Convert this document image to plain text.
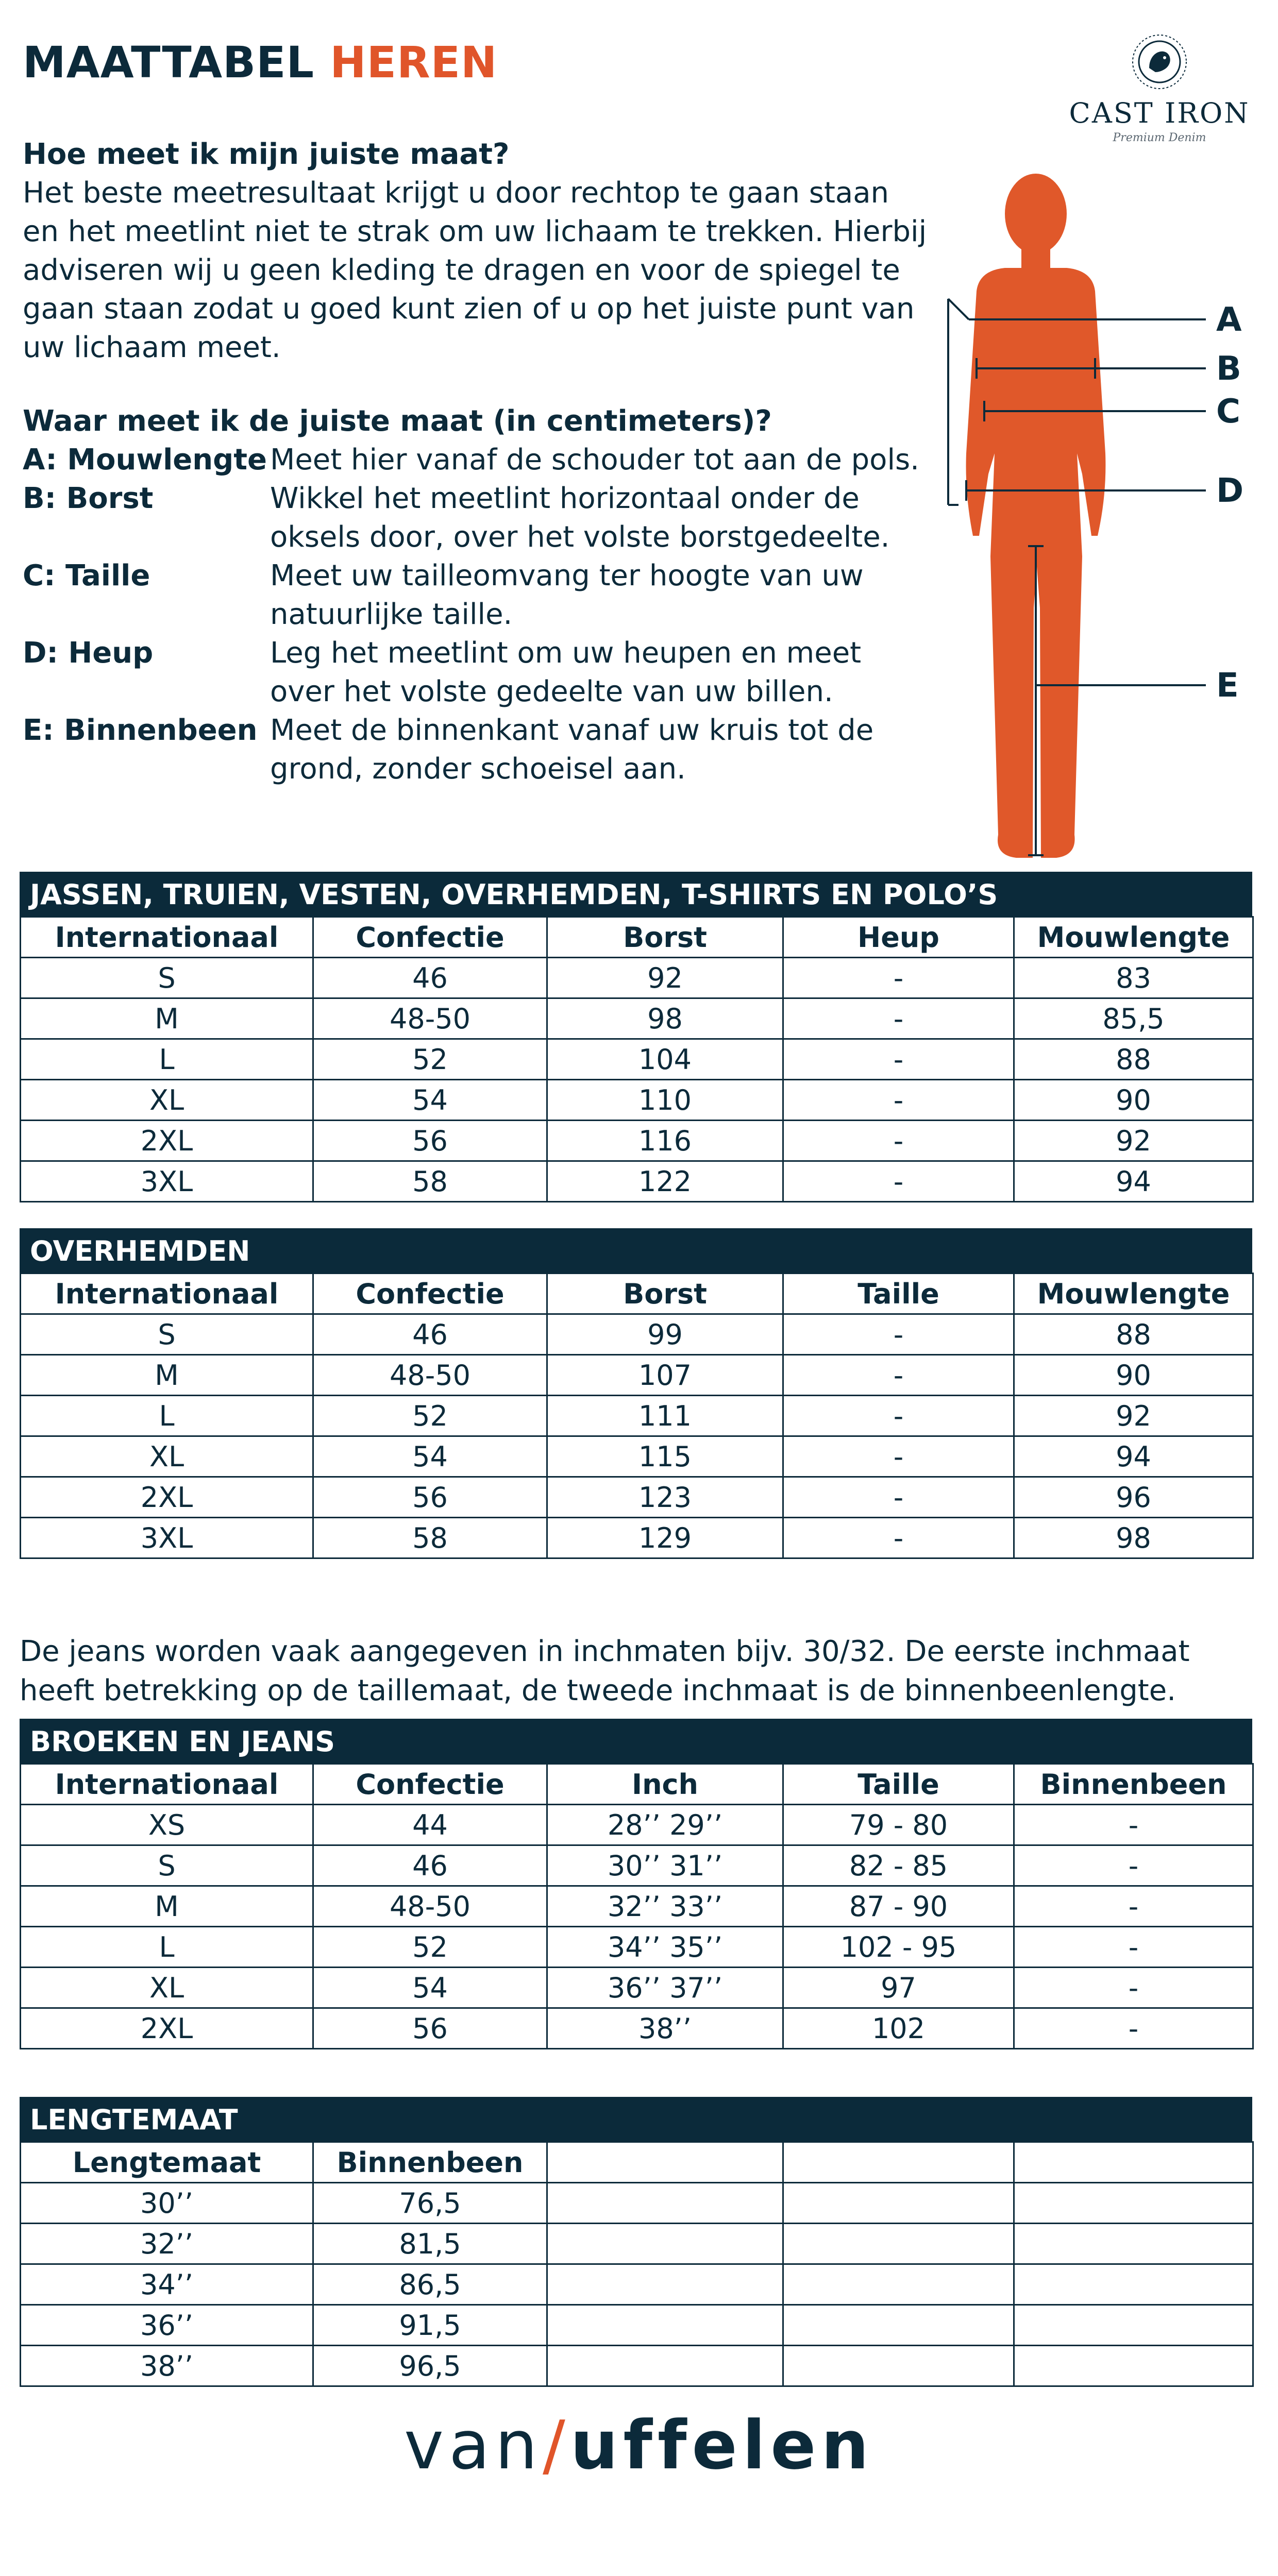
MAATTABEL HEREN
CAST IRON
Premium Denim
Hoe meet ik mijn juiste maat?

Het beste meetresultaat krijgt u door rechtop te gaan staan

en het meetlint niet te strak om uw lichaam te trekken. Hierbij

adviseren wij u geen kleding te dragen en voor de spiegel te

gaan staan zodat u goed kunt zien of u op het juiste punt van

uw lichaam meet.

Waar meet ik de juiste maat (in centimeters)?
A: Mouwlengte Meet hier vanaf de schouder tot aan de pols.
B: Borst	Wikkel het meetlint horizontaal onder de
oksels door, over het volste borstgedeelte.
C: Taille	Meet uw tailleomvang ter hoogte van uw
natuurlijke taille.
D: Heup	Leg het meetlint om uw heupen en meet
over het volste gedeelte van uw billen.
E: Binnenbeen Meet de binnenkant vanaf uw kruis tot de
grond, zonder schoeisel aan.
A
B
C
D
E
JASSEN, TRUIEN, VESTEN, OVERHEMDEN, T-SHIRTS EN POLO’S
Internationaal	Confectie	Borst	Heup	Mouwlengte
S	46	92	-	83
M	48-50	98	-	85,5
L	52	104	-	88
XL	54	110	-	90
2XL	56	116	-	92
3XL	58	122	-	94
OVERHEMDEN
Internationaal	Confectie	Borst	Taille	Mouwlengte
S	46	99	-	88
M	48-50	107	-	90
L	52	111	-	92
XL	54	115	-	94
2XL	56	123	-	96
3XL	58	129	-	98
De jeans worden vaak aangegeven in inchmaten bijv. 30/32. De eerste inchmaat
heeft betrekking op de taillemaat, de tweede inchmaat is de binnenbeenlengte.
BROEKEN EN JEANS
Internationaal	Confectie	Inch	Taille	Binnenbeen
XS	44	28’’ 29’’	79 - 80	-
S	46	30’’ 31’’	82 - 85	-
M	48-50	32’’ 33’’	87 - 90	-
L	52	34’’ 35’’	102 - 95	-
XL	54	36’’ 37’’	97	-
2XL	56	38’’	102	-
LENGTEMAAT
Lengtemaat	Binnenbeen			
30’’	76,5			
32’’	81,5			
34’’	86,5			
36’’	91,5			
38’’	96,5			
van/uffelen
